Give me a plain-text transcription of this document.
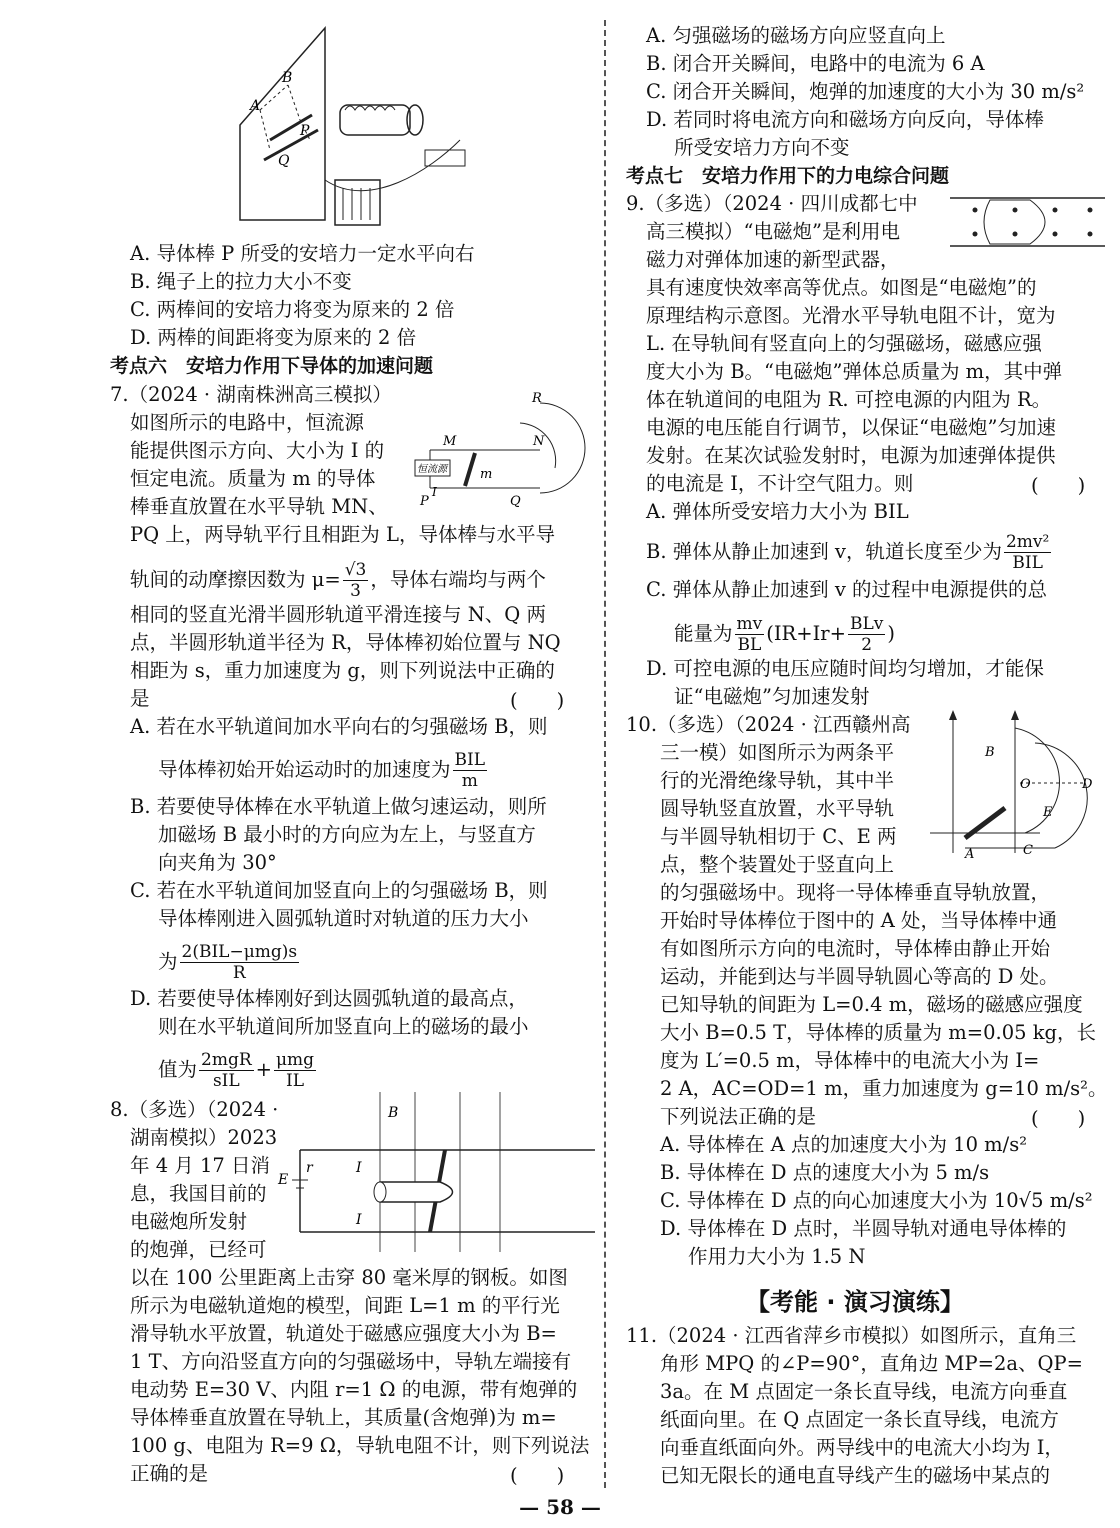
A
B
P
Q
A. 导体棒 P 所受的安培力一定水平向右
B. 绳子上的拉力大小不变
C. 两棒间的安培力将变为原来的 2 倍
D. 两棒的间距将变为原来的 2 倍
考点六　安培力作用下导体的加速问题
7.（2024 · 湖南株洲高三模拟）
如图所示的电路中，恒流源
能提供图示方向、大小为 I 的
恒定电流。质量为 m 的导体
棒垂直放置在水平导轨 MN、
PQ 上，两导轨平行且相距为 L，导体棒与水平导
轨间的动摩擦因数为 $\mu= \frac{√3}{3}$ ，导体右端均与两个
相同的竖直光滑半圆形轨道平滑连接与 N、Q 两
点，半圆形轨道半径为 R，导体棒初始位置与 NQ
相距为 s，重力加速度为 g，则下列说法中正确的
是	(　　)
A. 若在水平轨道间加水平向右的匀强磁场 B，则
导体棒初始开始运动时的加速度为 $\frac{\text{BIL}}{m}$
B. 若要使导体棒在水平轨道上做匀速运动，则所
加磁场 B 最小时的方向应为左上，与竖直方
向夹角为 30°
C. 若在水平轨道间加竖直向上的匀强磁场 B，则
导体棒刚进入圆弧轨道时对轨道的压力大小
为 $\frac{\text{2(BIL−μmg)s}}{R}$
D. 若要使导体棒刚好到达圆弧轨道的最高点，
则在水平轨道间所加竖直向上的磁场的最小
值为 $\frac{\text{2mgR}}{\text{sIL}} + \frac{\text{μmg}}{IL}$
8.（多选）（2024 ·
湖南模拟）2023
年 4 月 17 日消
息，我国目前的
电磁炮所发射
的炮弹，已经可
以在 100 公里距离上击穿 80 毫米厚的钢板。如图
所示为电磁轨道炮的模型，间距 L=1 m 的平行光
滑导轨水平放置，轨道处于磁感应强度大小为 B=
1 T、方向沿竖直方向的匀强磁场中，导轨左端接有
电动势 E=30 V、内阻 r=1 Ω 的电源，带有炮弹的
导体棒垂直放置在导轨上，其质量(含炮弹)为 m=
100 g、电阻为 R=9 Ω，导轨电阻不计，则下列说法
正确的是	(　　)
M	N
R
P	Q
m
恒流源
I
B
E
r	I
I
A. 匀强磁场的磁场方向应竖直向上
B. 闭合开关瞬间，电路中的电流为 6 A
C. 闭合开关瞬间，炮弹的加速度的大小为 30 m/s²
D. 若同时将电流方向和磁场方向反向，导体棒
所受安培力方向不变
考点七　安培力作用下的力电综合问题
9.（多选）（2024 · 四川成都七中
高三模拟）“电磁炮”是利用电
磁力对弹体加速的新型武器，
具有速度快效率高等优点。如图是“电磁炮”的
原理结构示意图。光滑水平导轨电阻不计，宽为
L. 在导轨间有竖直向上的匀强磁场，磁感应强
度大小为 B。“电磁炮”弹体总质量为 m，其中弹
体在轨道间的电阻为 R. 可控电源的内阻为 R。
电源的电压能自行调节，以保证“电磁炮”匀加速
发射。在某次试验发射时，电源为加速弹体提供
的电流是 I，不计空气阻力。则	(　　)
A. 弹体所受安培力大小为 BIL
B. 弹体从静止加速到 v，轨道长度至少为 $\frac{\text{2mv²}}{\text{BIL}}$
C. 弹体从静止加速到 v 的过程中电源提供的总
能量为 $\frac{mv}{BL} (IR+Ir+ \frac{\text{BLv}}{2}$ )
D. 可控电源的电压应随时间均匀增加，才能保
证“电磁炮”匀加速发射
10.（多选）（2024 · 江西赣州高
三一模）如图所示为两条平
行的光滑绝缘导轨，其中半
圆导轨竖直放置，水平导轨
与半圆导轨相切于 C、E 两
点，整个装置处于竖直向上
的匀强磁场中。现将一导体棒垂直导轨放置，
开始时导体棒位于图中的 A 处，当导体棒中通
有如图所示方向的电流时，导体棒由静止开始
运动，并能到达与半圆导轨圆心等高的 D 处。
已知导轨的间距为 L=0.4 m，磁场的磁感应强度
大小 B=0.5 T，导体棒的质量为 m=0.05 kg，长
度为 L′=0.5 m，导体棒中的电流大小为 I=
2 A，AC=OD=1 m，重力加速度为 g=10 m/s²。
下列说法正确的是	(　　)
A. 导体棒在 A 点的加速度大小为 10 m/s²
B. 导体棒在 D 点的速度大小为 5 m/s
C. 导体棒在 D 点的向心加速度大小为 10√5 m/s²
D. 导体棒在 D 点时，半圆导轨对通电导体棒的
作用力大小为 1.5 N
【考能 · 演习演练】
11.（2024 · 江西省萍乡市模拟）如图所示，直角三
角形 MPQ 的∠P=90°，直角边 MP=2a、QP=
3a。在 M 点固定一条长直导线，电流方向垂直
纸面向里。在 Q 点固定一条长直导线，电流方
向垂直纸面向外。两导线中的电流大小均为 I，
已知无限长的通电直导线产生的磁场中某点的
B
O	D
E
A	C
— 58 —
